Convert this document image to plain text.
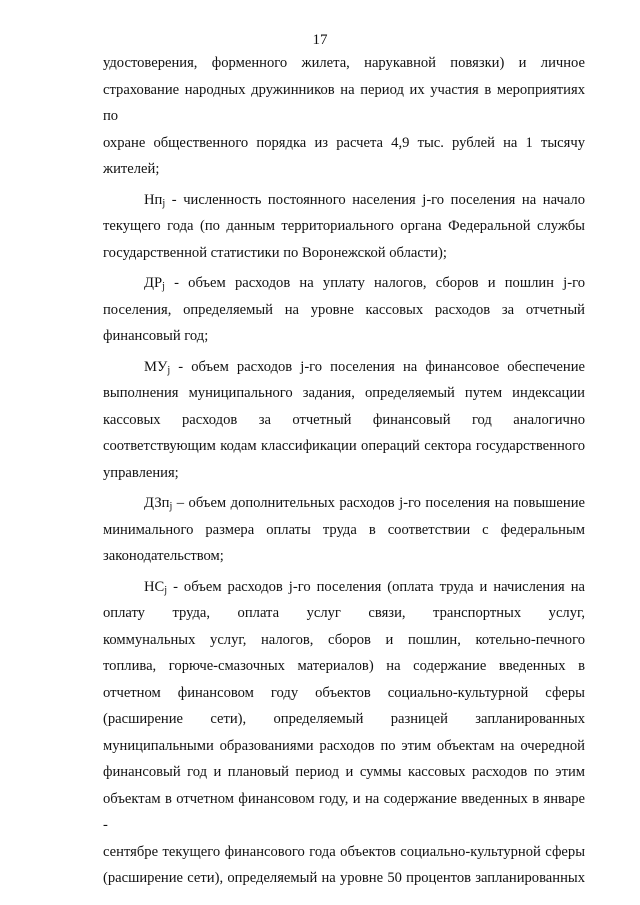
17

удостоверения, форменного жилета, нарукавной повязки) и личное

страхование народных дружинников на период их участия в мероприятиях по

охране общественного порядка из расчета 4,9 тыс. рублей на 1 тысячу

жителей;

$Нп_j$ - численность постоянного населения j-го поселения на начало

текущего года (по данным территориального органа Федеральной службы

государственной статистики по Воронежской области);

$ДР_j$ - объем расходов на уплату налогов, сборов и пошлин j-го

поселения, определяемый на уровне кассовых расходов за отчетный

финансовый год;

$МУ_j$ - объем расходов j-го поселения на финансовое обеспечение

выполнения муниципального задания, определяемый путем индексации

кассовых расходов за отчетный финансовый год аналогично

соответствующим кодам классификации операций сектора государственного

управления;

ДЗп$_j$ – объем дополнительных расходов j-го поселения на повышение

минимального размера оплаты труда в соответствии с федеральным

законодательством;

$НС_j$ - объем расходов j-го поселения (оплата труда и начисления на

оплату труда, оплата услуг связи, транспортных услуг,

коммунальных услуг, налогов, сборов и пошлин, котельно-печного

топлива, горюче-смазочных материалов) на содержание введенных в

отчетном финансовом году объектов социально-культурной сферы

(расширение сети), определяемый разницей запланированных

муниципальными образованиями расходов по этим объектам на очередной

финансовый год и плановый период и суммы кассовых расходов по этим

объектам в отчетном финансовом году, и на содержание введенных в январе -

сентябре текущего финансового года объектов социально-культурной сферы

(расширение сети), определяемый на уровне 50 процентов запланированных
